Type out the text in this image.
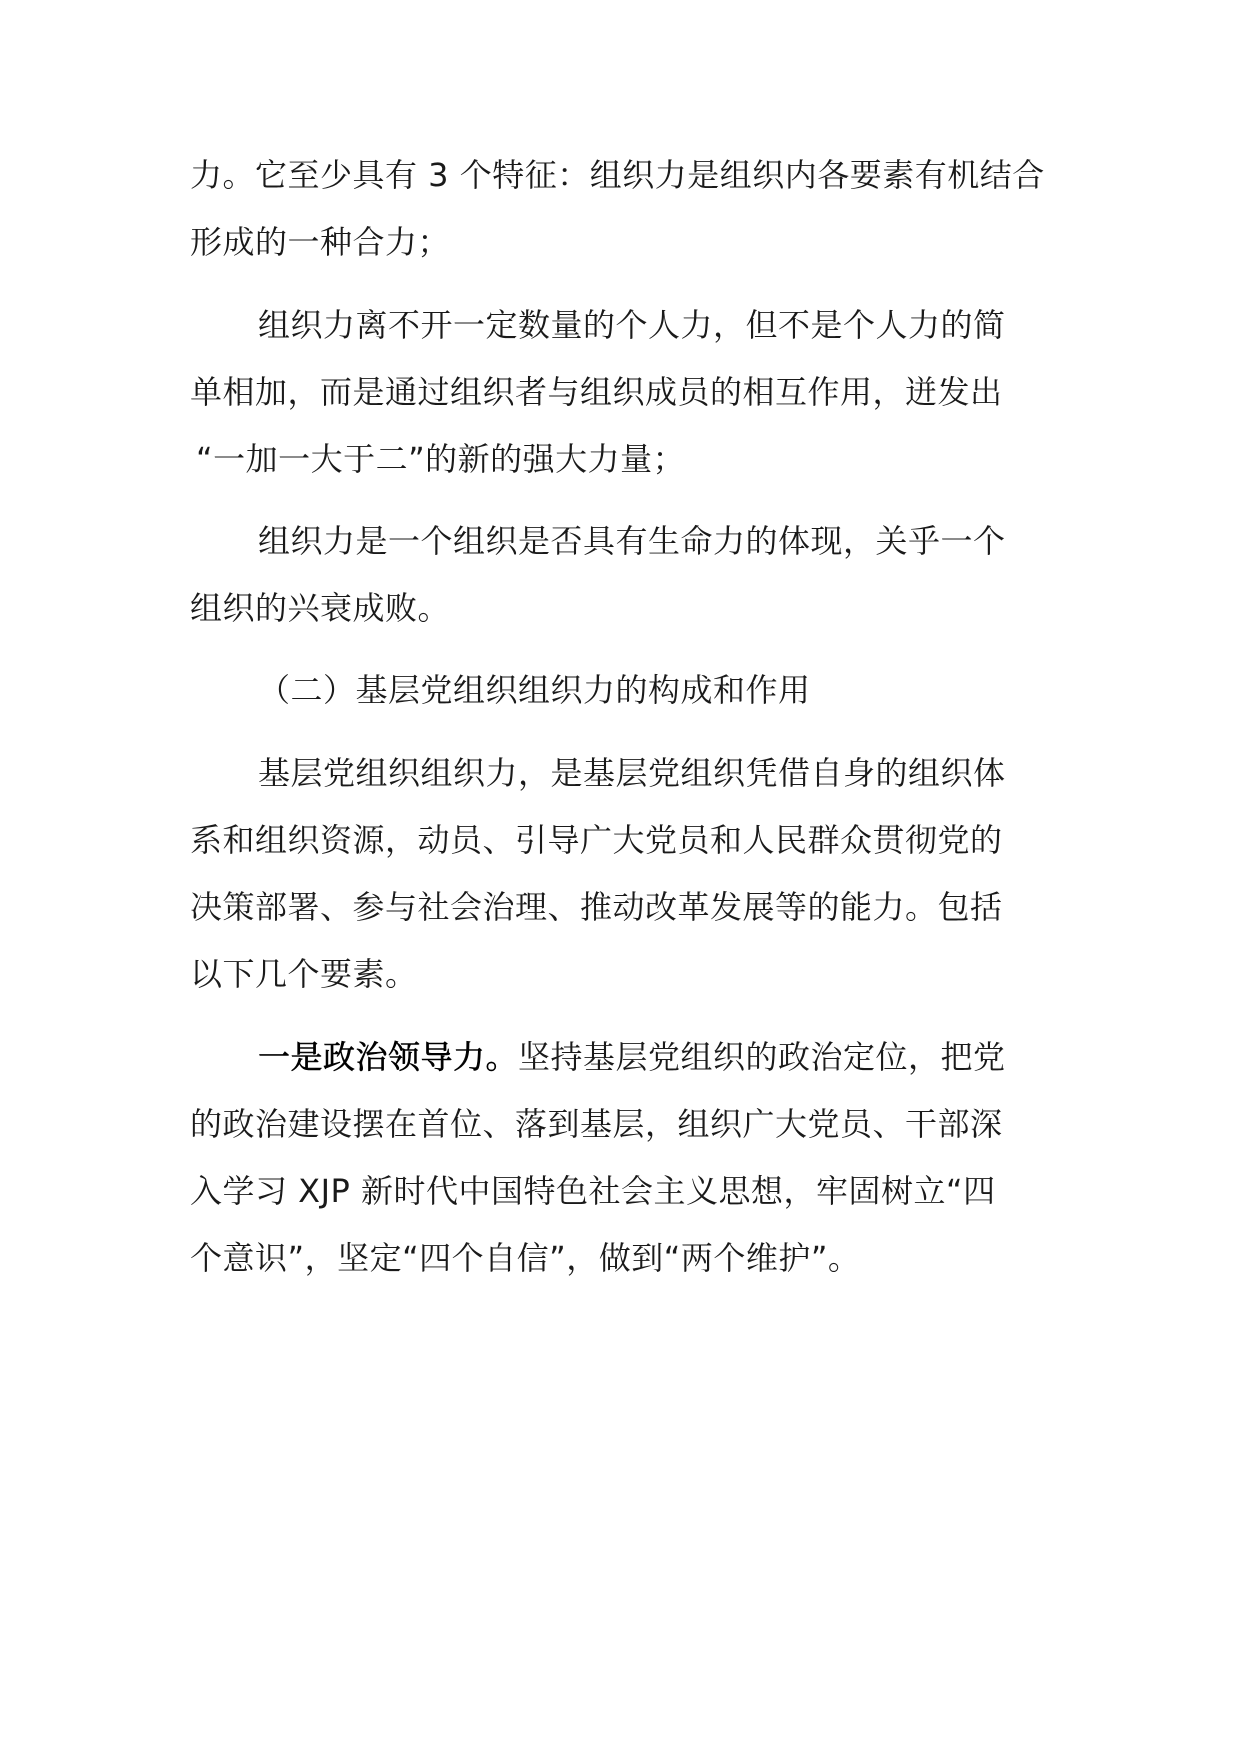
力。它至少具有 3 个特征：组织力是组织内各要素有机结合
形成的一种合力；
组织力离不开一定数量的个人力，但不是个人力的简
单相加，而是通过组织者与组织成员的相互作用，迸发出
“一加一大于二”的新的强大力量；
组织力是一个组织是否具有生命力的体现，关乎一个
组织的兴衰成败。
（二）基层党组织组织力的构成和作用
基层党组织组织力，是基层党组织凭借自身的组织体
系和组织资源，动员、引导广大党员和人民群众贯彻党的
决策部署、参与社会治理、推动改革发展等的能力。包括
以下几个要素。
一是政治领导力。坚持基层党组织的政治定位，把党
的政治建设摆在首位、落到基层，组织广大党员、干部深
入学习 XJP 新时代中国特色社会主义思想，牢固树立“四
个意识”，坚定“四个自信”，做到“两个维护”。
